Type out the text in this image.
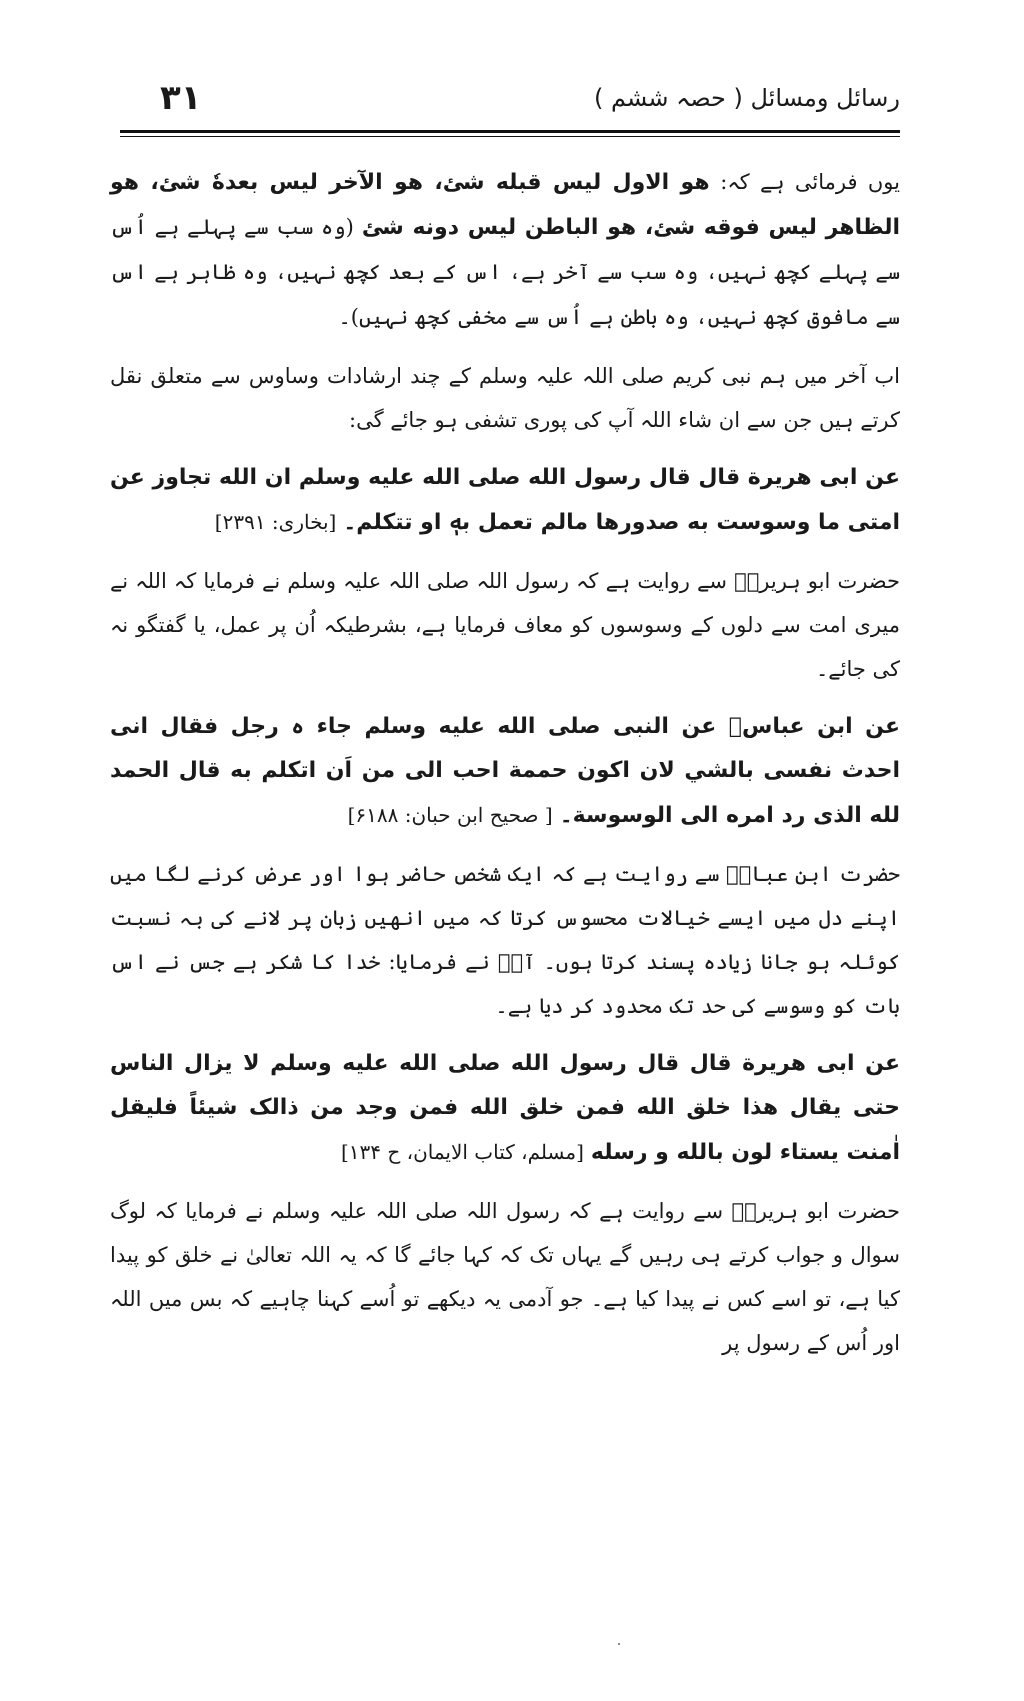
رسائل ومسائل ( حصہ ششم )
۳۱

یوں فرمائی ہے کہ: هو الاول ليس قبله شئ، هو الآخر ليس بعدهٗ شئ، هو الظاهر ليس فوقه شئ، هو الباطن ليس دونه شئ (وہ سب سے پہلے ہے اُس سے پہلے کچھ نہیں، وہ سب سے آخر ہے، اس کے بعد کچھ نہیں، وہ ظاہر ہے اس سے مافوق کچھ نہیں، وہ باطن ہے اُس سے مخفی کچھ نہیں)۔

اب آخر میں ہم نبی کریم صلی اللہ علیہ وسلم کے چند ارشادات وساوس سے متعلق نقل کرتے ہیں جن سے ان شاء اللہ آپ کی پوری تشفی ہو جائے گی:

عن ابی هريرة قال قال رسول الله صلى الله عليه وسلم ان الله تجاوز عن امتی ما وسوست به صدورها مالم تعمل بهٖ او تتكلم۔ [بخاری: ۲۳۹۱]

حضرت ابو ہریرہؓ سے روایت ہے کہ رسول اللہ صلی اللہ علیہ وسلم نے فرمایا کہ اللہ نے میری امت سے دلوں کے وسوسوں کو معاف فرمایا ہے، بشرطیکہ اُن پر عمل، یا گفتگو نہ کی جائے۔

عن ابن عباسؓ عن النبی صلى الله عليه وسلم جاء ہ رجل فقال انی احدث نفسی بالشي لان اكون حممة احب الى من اَن اتكلم به قال الحمد لله الذی رد امره الى الوسوسة۔ [ صحیح ابن حبان: ۶۱۸۸]

حضرت ابن عباسؓ سے روایت ہے کہ ایک شخص حاضر ہوا اور عرض کرنے لگا میں اپنے دل میں ایسے خیالات محسوس کرتا کہ میں انھیں زبان پر لانے کی بہ نسبت کوئلہ ہو جانا زیادہ پسند کرتا ہوں۔ آپؐ نے فرمایا: خدا کا شکر ہے جس نے اس بات کو وسوسے کی حد تک محدود کر دیا ہے۔

عن ابی هريرة قال قال رسول الله صلى الله عليه وسلم لا يزال الناس حتی يقال هذا خلق الله فمن خلق الله فمن وجد من ذالک شيئاً فليقل اٰمنت يستاء لون بالله و رسله [مسلم، کتاب الایمان، ح ۱۳۴]

حضرت ابو ہریرہؓ سے روایت ہے کہ رسول اللہ صلی اللہ علیہ وسلم نے فرمایا کہ لوگ سوال و جواب کرتے ہی رہیں گے یہاں تک کہ کہا جائے گا کہ یہ اللہ تعالیٰ نے خلق کو پیدا کیا ہے، تو اسے کس نے پیدا کیا ہے۔ جو آدمی یہ دیکھے تو اُسے کہنا چاہیے کہ بس میں اللہ اور اُس کے رسول پر
